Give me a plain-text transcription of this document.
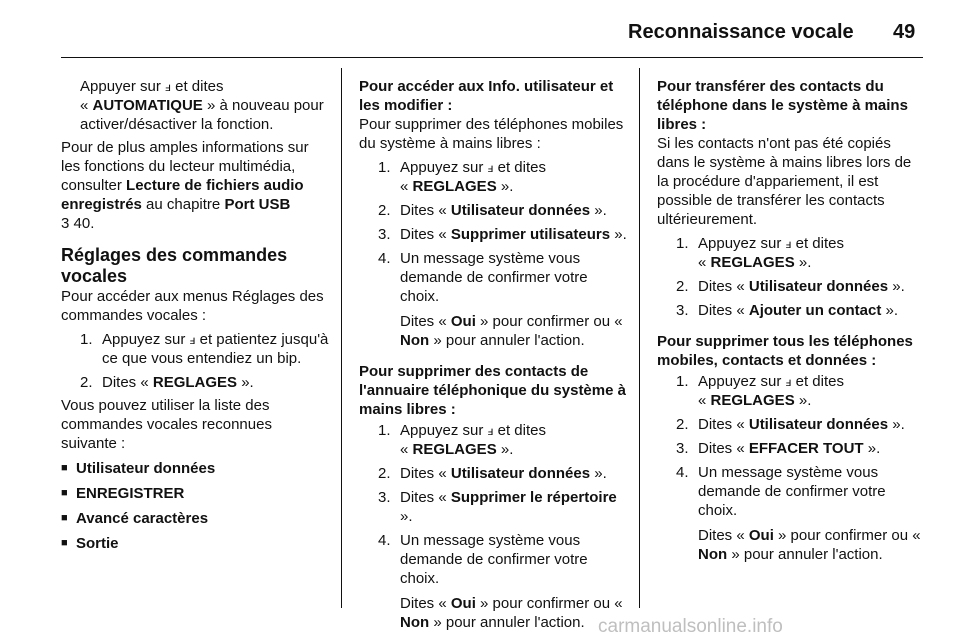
Reconnaissance vocale 49

Appuyer sur ⅎ et dites
« AUTOMATIQUE » à nouveau pour activer/désactiver la fonction.

Pour de plus amples informations sur les fonctions du lecteur multimédia, consulter Lecture de fichiers audio enregistrés au chapitre Port USB
3 40.

Réglages des commandes vocales

Pour accéder aux menus Réglages des commandes vocales :

1. Appuyez sur ⅎ et patientez jusqu'à ce que vous entendiez un bip.
2. Dites « REGLAGES ».

Vous pouvez utiliser la liste des commandes vocales reconnues suivante :

■ Utilisateur données
■ ENREGISTRER
■ Avancé caractères
■ Sortie

Pour accéder aux Info. utilisateur et les modifier :

Pour supprimer des téléphones mobiles du système à mains libres :

1. Appuyez sur ⅎ et dites
« REGLAGES ».
2. Dites « Utilisateur données ».
3. Dites « Supprimer utilisateurs ».
4. Un message système vous demande de confirmer votre choix.

Dites « Oui » pour confirmer ou « Non » pour annuler l'action.

Pour supprimer des contacts de l'annuaire téléphonique du système à mains libres :

1. Appuyez sur ⅎ et dites
« REGLAGES ».
2. Dites « Utilisateur données ».
3. Dites « Supprimer le répertoire ».
4. Un message système vous demande de confirmer votre choix.

Dites « Oui » pour confirmer ou « Non » pour annuler l'action.

Pour transférer des contacts du téléphone dans le système à mains libres :

Si les contacts n'ont pas été copiés dans le système à mains libres lors de la procédure d'appariement, il est possible de transférer les contacts ultérieurement.

1. Appuyez sur ⅎ et dites
« REGLAGES ».
2. Dites « Utilisateur données ».
3. Dites « Ajouter un contact ».

Pour supprimer tous les téléphones mobiles, contacts et données :

1. Appuyez sur ⅎ et dites
« REGLAGES ».
2. Dites « Utilisateur données ».
3. Dites « EFFACER TOUT ».
4. Un message système vous demande de confirmer votre choix.

Dites « Oui » pour confirmer ou « Non » pour annuler l'action.

carmanualsonline.info
